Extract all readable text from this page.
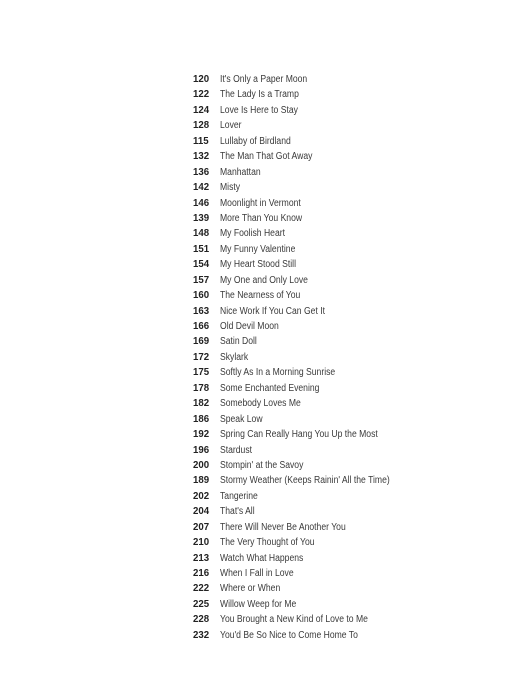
120	It's Only a Paper Moon
122	The Lady Is a Tramp
124	Love Is Here to Stay
128	Lover
115	Lullaby of Birdland
132	The Man That Got Away
136	Manhattan
142	Misty
146	Moonlight in Vermont
139	More Than You Know
148	My Foolish Heart
151	My Funny Valentine
154	My Heart Stood Still
157	My One and Only Love
160	The Nearness of You
163	Nice Work If You Can Get It
166	Old Devil Moon
169	Satin Doll
172	Skylark
175	Softly As In a Morning Sunrise
178	Some Enchanted Evening
182	Somebody Loves Me
186	Speak Low
192	Spring Can Really Hang You Up the Most
196	Stardust
200	Stompin' at the Savoy
189	Stormy Weather (Keeps Rainin' All the Time)
202	Tangerine
204	That's All
207	There Will Never Be Another You
210	The Very Thought of You
213	Watch What Happens
216	When I Fall in Love
222	Where or When
225	Willow Weep for Me
228	You Brought a New Kind of Love to Me
232	You'd Be So Nice to Come Home To
